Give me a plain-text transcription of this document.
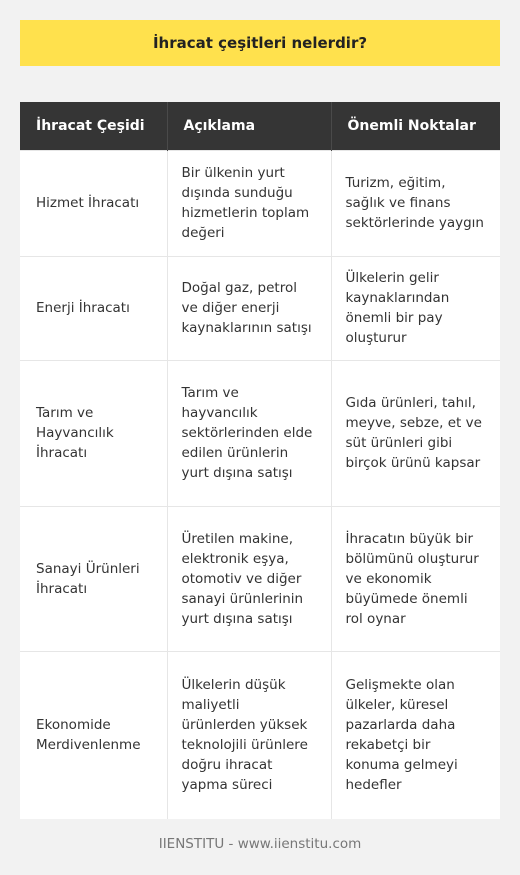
İhracat çeşitleri nelerdir?
İhracat Çeşidi	Açıklama	Önemli Noktalar
Hizmet İhracatı	Bir ülkenin yurt dışında sunduğu hizmetlerin toplam değeri	Turizm, eğitim, sağlık ve finans sektörlerinde yaygın
Enerji İhracatı	Doğal gaz, petrol ve diğer enerji kaynaklarının satışı	Ülkelerin gelir kaynaklarından önemli bir pay oluşturur
Tarım ve Hayvancılık İhracatı	Tarım ve hayvancılık sektörlerinden elde edilen ürünlerin yurt dışına satışı	Gıda ürünleri, tahıl, meyve, sebze, et ve süt ürünleri gibi birçok ürünü kapsar
Sanayi Ürünleri İhracatı	Üretilen makine, elektronik eşya, otomotiv ve diğer sanayi ürünlerinin yurt dışına satışı	İhracatın büyük bir bölümünü oluşturur ve ekonomik büyümede önemli rol oynar
Ekonomide Merdivenlenme	Ülkelerin düşük maliyetli ürünlerden yüksek teknolojili ürünlere doğru ihracat yapma süreci	Gelişmekte olan ülkeler, küresel pazarlarda daha rekabetçi bir konuma gelmeyi hedefler
IIENSTITU - www.iienstitu.com
